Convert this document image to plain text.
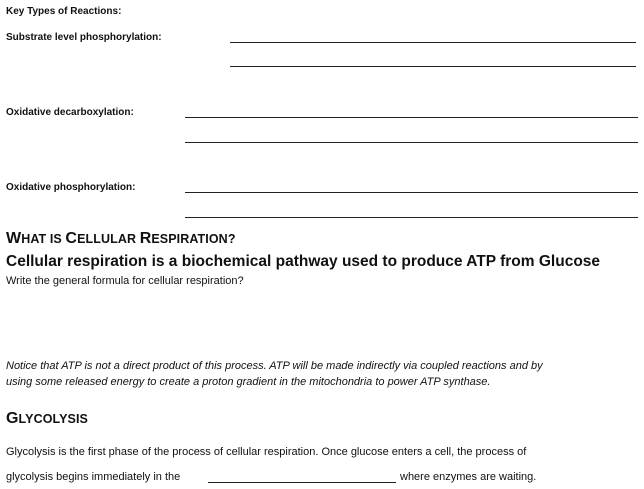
Key Types of Reactions:
Substrate level phosphorylation:
Oxidative decarboxylation:
Oxidative phosphorylation:
WHAT IS CELLULAR RESPIRATION?
Cellular respiration is a biochemical pathway used to produce ATP from Glucose
Write the general formula for cellular respiration?
Notice that ATP is not a direct product of this process. ATP will be made indirectly via coupled reactions and by
using some released energy to create a proton gradient in the mitochondria to power ATP synthase.
GLYCOLYSIS
Glycolysis is the first phase of the process of cellular respiration. Once glucose enters a cell, the process of
glycolysis begins immediately in the	where enzymes are waiting.
